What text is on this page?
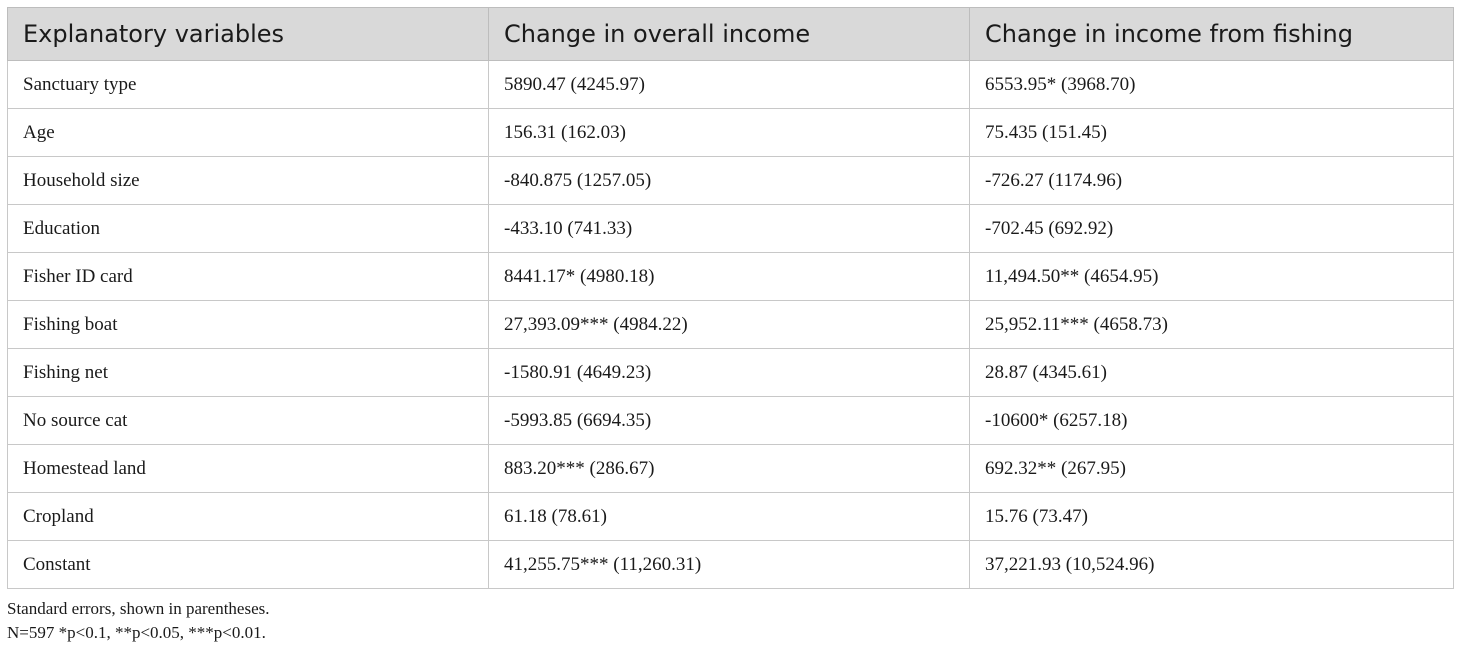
Explanatory variables	Change in overall income	Change in income from fishing
Sanctuary type	5890.47 (4245.97)	6553.95* (3968.70)
Age	156.31 (162.03)	75.435 (151.45)
Household size	-840.875 (1257.05)	-726.27 (1174.96)
Education	-433.10 (741.33)	-702.45 (692.92)
Fisher ID card	8441.17* (4980.18)	11,494.50** (4654.95)
Fishing boat	27,393.09*** (4984.22)	25,952.11*** (4658.73)
Fishing net	-1580.91 (4649.23)	28.87 (4345.61)
No source cat	-5993.85 (6694.35)	-10600* (6257.18)
Homestead land	883.20*** (286.67)	692.32** (267.95)
Cropland	61.18 (78.61)	15.76 (73.47)
Constant	41,255.75*** (11,260.31)	37,221.93 (10,524.96)
Standard errors, shown in parentheses.
N=597 *p<0.1, **p<0.05, ***p<0.01.
